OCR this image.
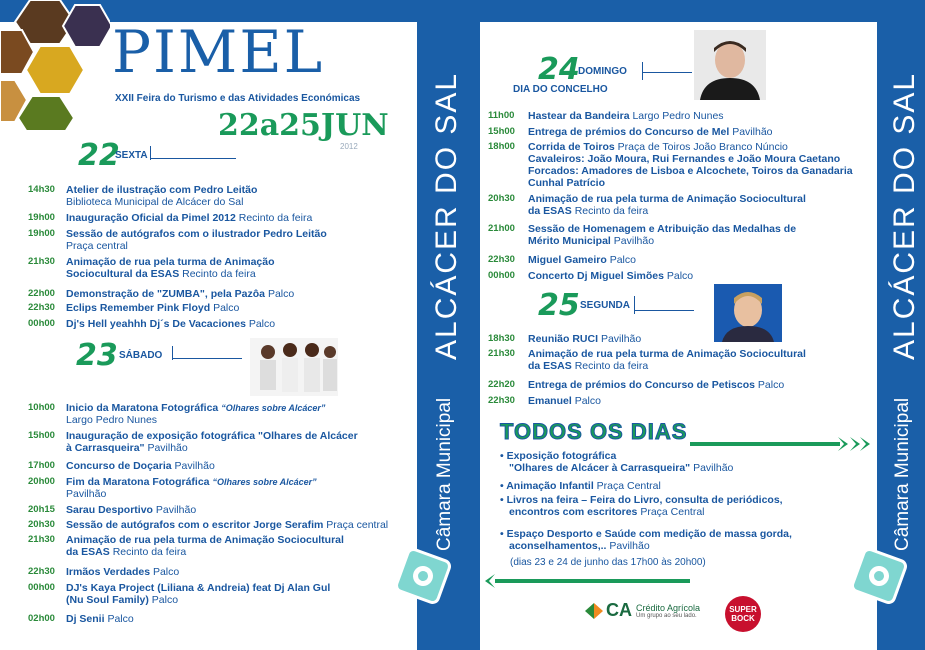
PIMEL
XXII Feira do Turismo e das Atividades Económicas
22a25JUN
2012
22
SEXTA
14h30 Atelier de ilustração com Pedro Leitão
Biblioteca Municipal de Alcácer do Sal
19h00 Inauguração Oficial da Pimel 2012 Recinto da feira
19h00 Sessão de autógrafos com o ilustrador Pedro Leitão
Praça central
21h30 Animação de rua pela turma de Animação
Sociocultural da ESAS Recinto da feira
22h00 Demonstração de "ZUMBA", pela Pazôa Palco
22h30 Eclips Remember Pink Floyd Palco
00h00 Dj's Hell yeahhh Dj´s De Vacaciones Palco
23 SÁBADO
10h00 Inicio da Maratona Fotográfica “Olhares sobre Alcácer”
Largo Pedro Nunes
15h00 Inauguração de exposição fotográfica "Olhares de Alcácer
à Carrasqueira" Pavilhão
17h00 Concurso de Doçaria Pavilhão
20h00 Fim da Maratona Fotográfica “Olhares sobre Alcácer”
Pavilhão
20h15 Sarau Desportivo Pavilhão
20h30 Sessão de autógrafos com o escritor Jorge Serafim Praça central
21h30 Animação de rua pela turma de Animação Sociocultural
da ESAS Recinto da feira
22h30 Irmãos Verdades Palco
00h00 DJ's Kaya Project (Liliana & Andreia) feat Dj Alan Gul
(Nu Soul Family) Palco
02h00 Dj Senii Palco
ALCÁCER DO SAL
Câmara Municipal
ALCÁCER DO SAL
Câmara Municipal
24
DOMINGO
DIA DO CONCELHO
11h00 Hastear da Bandeira Largo Pedro Nunes
15h00 Entrega de prémios do Concurso de Mel Pavilhão
18h00 Corrida de Toiros Praça de Toiros João Branco Núncio
Cavaleiros: João Moura, Rui Fernandes e João Moura Caetano
Forcados: Amadores de Lisboa e Alcochete, Toiros da Ganadaria
Cunhal Patrício
20h30 Animação de rua pela turma de Animação Sociocultural
da ESAS Recinto da feira
21h00 Sessão de Homenagem e Atribuição das Medalhas de
Mérito Municipal Pavilhão
22h30 Miguel Gameiro Palco
00h00 Concerto Dj Miguel Simões Palco
25 SEGUNDA
18h30 Reunião RUCI Pavilhão
21h30 Animação de rua pela turma de Animação Sociocultural
da ESAS Recinto da feira
22h20 Entrega de prémios do Concurso de Petiscos Palco
22h30 Emanuel Palco
TODOS OS DIAS
• Exposição fotográfica
"Olhares de Alcácer à Carrasqueira" Pavilhão
• Animação Infantil Praça Central
• Livros na feira – Feira do Livro, consulta de periódicos,
encontros com escritores Praça Central
• Espaço Desporto e Saúde com medição de massa gorda,
aconselhamentos,.. Pavilhão
(dias 23 e 24 de junho das 17h00 às 20h00)
CA Crédito Agrícola
Um grupo ao seu lado.
SUPER BOCK
